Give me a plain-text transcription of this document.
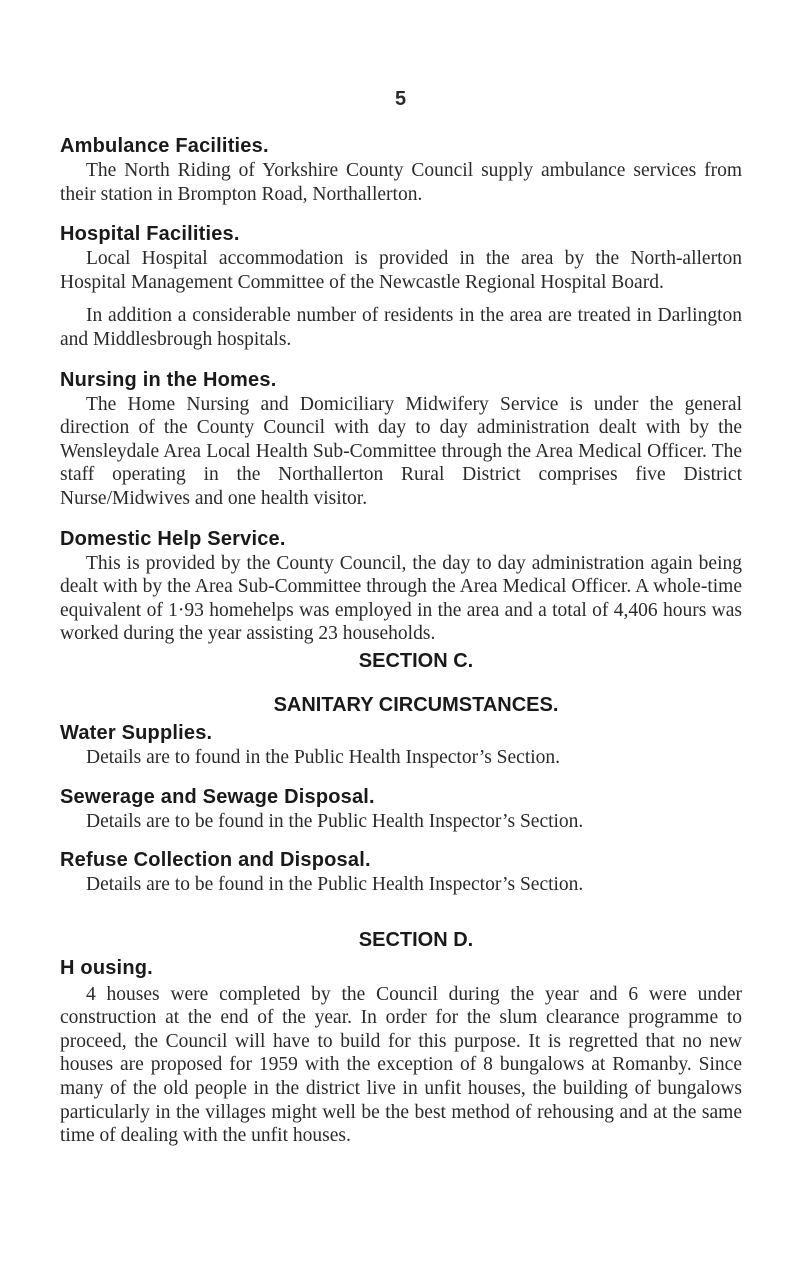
5
Ambulance Facilities.

The North Riding of Yorkshire County Council supply ambulance services from their station in Brompton Road, Northallerton.

Hospital Facilities.

Local Hospital accommodation is provided in the area by the North-allerton Hospital Management Committee of the Newcastle Regional Hospital Board.

In addition a considerable number of residents in the area are treated in Darlington and Middlesbrough hospitals.

Nursing in the Homes.

The Home Nursing and Domiciliary Midwifery Service is under the general direction of the County Council with day to day administration dealt with by the Wensleydale Area Local Health Sub-Committee through the Area Medical Officer. The staff operating in the Northallerton Rural District comprises five District Nurse/Midwives and one health visitor.

Domestic Help Service.

This is provided by the County Council, the day to day administration again being dealt with by the Area Sub-Committee through the Area Medical Officer. A whole-time equivalent of 1·93 homehelps was employed in the area and a total of 4,406 hours was worked during the year assisting 23 households.

SECTION C.
SANITARY CIRCUMSTANCES.
Water Supplies.

Details are to found in the Public Health Inspector’s Section.

Sewerage and Sewage Disposal.

Details are to be found in the Public Health Inspector’s Section.

Refuse Collection and Disposal.

Details are to be found in the Public Health Inspector’s Section.

SECTION D.
H ousing.

4 houses were completed by the Council during the year and 6 were under construction at the end of the year. In order for the slum clearance programme to proceed, the Council will have to build for this purpose. It is regretted that no new houses are proposed for 1959 with the exception of 8 bungalows at Romanby. Since many of the old people in the district live in unfit houses, the building of bungalows particularly in the villages might well be the best method of rehousing and at the same time of dealing with the unfit houses.
